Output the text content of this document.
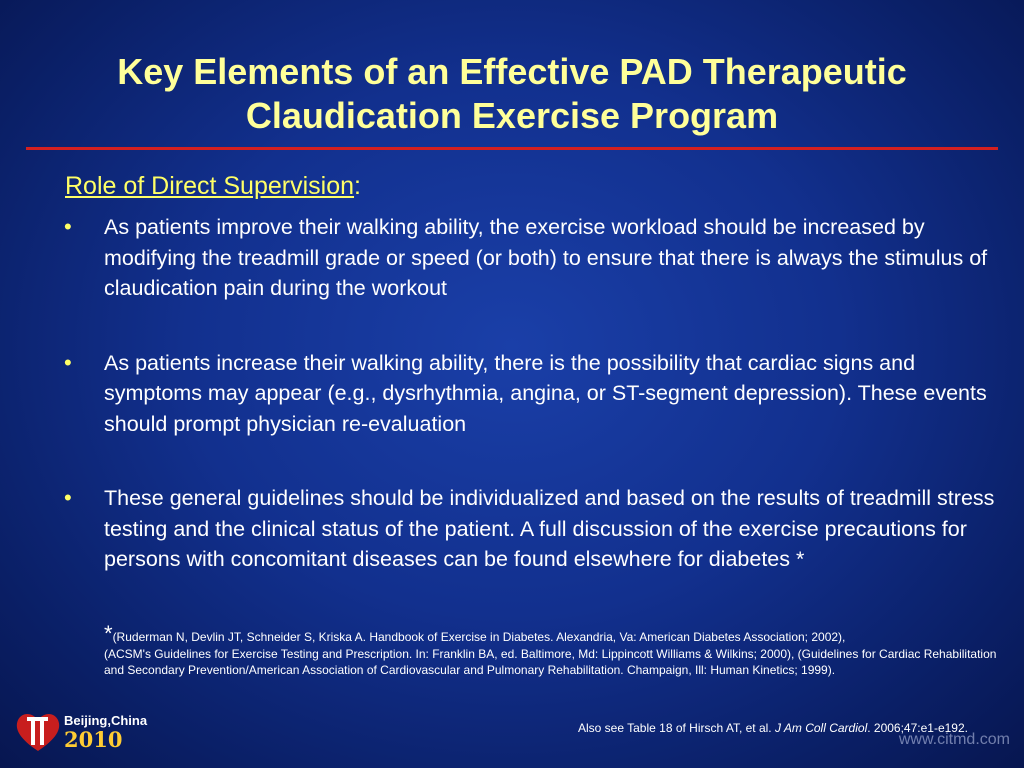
Key Elements of an Effective PAD Therapeutic
Claudication Exercise Program
Role of Direct Supervision:
• As patients improve their walking ability, the exercise workload should be increased by modifying the treadmill grade or speed (or both) to ensure that there is always the stimulus of claudication pain during the workout
• As patients increase their walking ability, there is the possibility that cardiac signs and symptoms may appear (e.g., dysrhythmia, angina, or ST-segment depression). These events should prompt physician re-evaluation
• These general guidelines should be individualized and based on the results of treadmill stress testing and the clinical status of the patient. A full discussion of the exercise precautions for persons with concomitant diseases can be found elsewhere for diabetes *
*(Ruderman N, Devlin JT, Schneider S, Kriska A. Handbook of Exercise in Diabetes. Alexandria, Va: American Diabetes Association; 2002),
(ACSM's Guidelines for Exercise Testing and Prescription. In: Franklin BA, ed. Baltimore, Md: Lippincott Williams & Wilkins; 2000), (Guidelines for Cardiac Rehabilitation and Secondary Prevention/American Association of Cardiovascular and Pulmonary Rehabilitation. Champaign, Ill: Human Kinetics; 1999).
Also see Table 18 of Hirsch AT, et al. J Am Coll Cardiol. 2006;47:e1-e192.
Beijing,China
2010	www.citmd.com
